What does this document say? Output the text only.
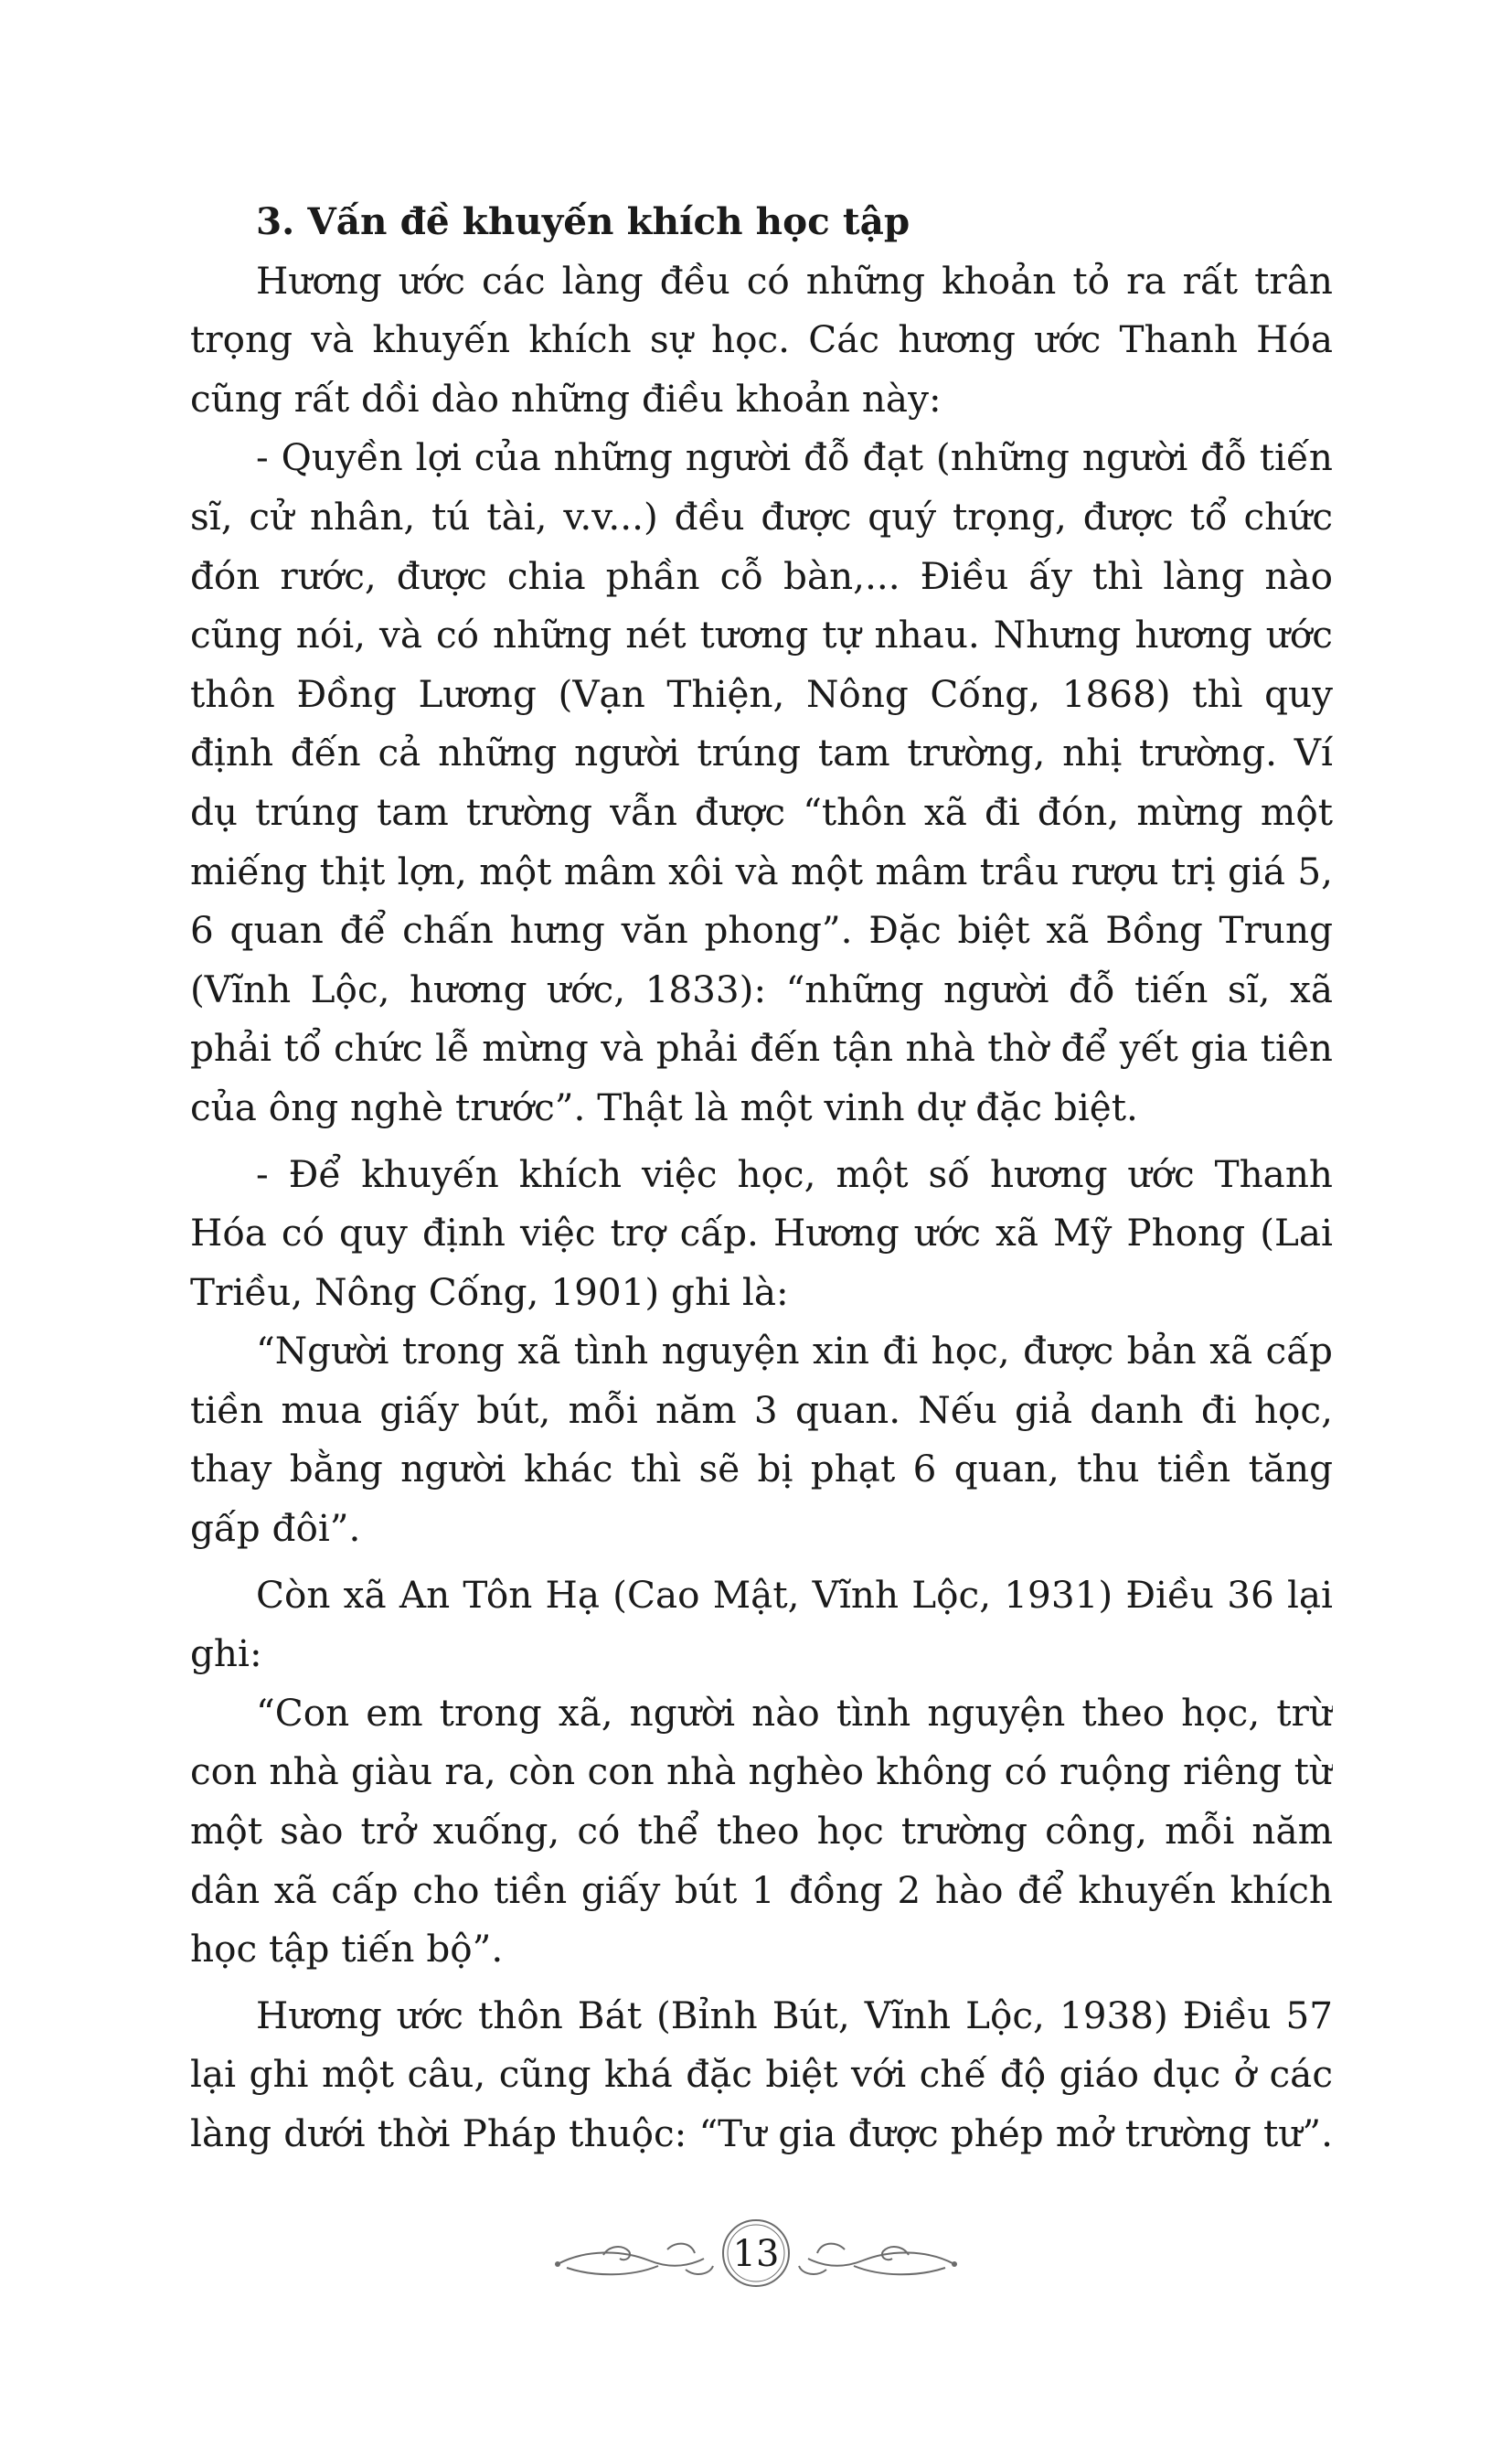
3. Vấn đề khuyến khích học tập

Hương ước các làng đều có những khoản tỏ ra rất trân trọng và khuyến khích sự học. Các hương ước Thanh Hóa cũng rất dồi dào những điều khoản này:

- Quyền lợi của những người đỗ đạt (những người đỗ tiến sĩ, cử nhân, tú tài, v.v...) đều được quý trọng, được tổ chức đón rước, được chia phần cỗ bàn,... Điều ấy thì làng nào cũng nói, và có những nét tương tự nhau. Nhưng hương ước thôn Đồng Lương (Vạn Thiện, Nông Cống, 1868) thì quy định đến cả những người trúng tam trường, nhị trường. Ví dụ trúng tam trường vẫn được “thôn xã đi đón, mừng một miếng thịt lợn, một mâm xôi và một mâm trầu rượu trị giá 5, 6 quan để chấn hưng văn phong”. Đặc biệt xã Bồng Trung (Vĩnh Lộc, hương ước, 1833): “những người đỗ tiến sĩ, xã phải tổ chức lễ mừng và phải đến tận nhà thờ để yết gia tiên của ông nghè trước”. Thật là một vinh dự đặc biệt.

- Để khuyến khích việc học, một số hương ước Thanh Hóa có quy định việc trợ cấp. Hương ước xã Mỹ Phong (Lai Triều, Nông Cống, 1901) ghi là:

“Người trong xã tình nguyện xin đi học, được bản xã cấp tiền mua giấy bút, mỗi năm 3 quan. Nếu giả danh đi học, thay bằng người khác thì sẽ bị phạt 6 quan, thu tiền tăng gấp đôi”.

Còn xã An Tôn Hạ (Cao Mật, Vĩnh Lộc, 1931) Điều 36 lại ghi:

“Con em trong xã, người nào tình nguyện theo học, trừ con nhà giàu ra, còn con nhà nghèo không có ruộng riêng từ một sào trở xuống, có thể theo học trường công, mỗi năm dân xã cấp cho tiền giấy bút 1 đồng 2 hào để khuyến khích học tập tiến bộ”.

Hương ước thôn Bát (Bỉnh Bút, Vĩnh Lộc, 1938) Điều 57 lại ghi một câu, cũng khá đặc biệt với chế độ giáo dục ở các làng dưới thời Pháp thuộc: “Tư gia được phép mở trường tư”.

13
